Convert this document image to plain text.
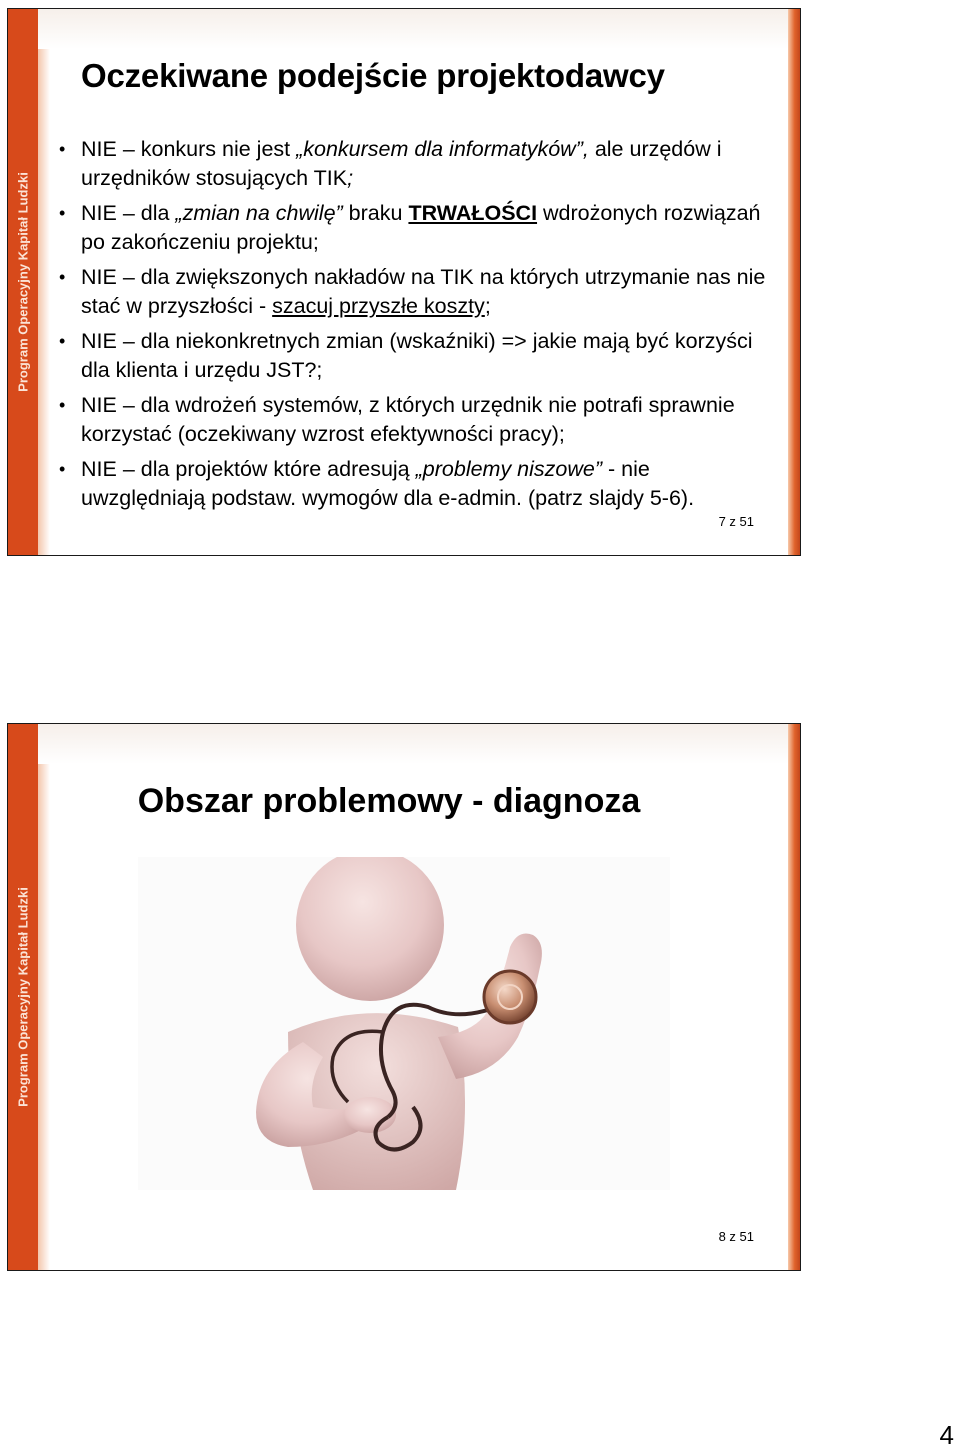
Program Operacyjny Kapitał Ludzki
Oczekiwane podejście projektodawcy
• NIE – konkurs nie jest „konkursem dla informatyków”, ale urzędów i urzędników stosujących TIK;
• NIE – dla „zmian na chwilę” braku TRWAŁOŚCI wdrożonych rozwiązań po zakończeniu projektu;
• NIE – dla zwiększonych nakładów na TIK na których utrzymanie nas nie stać w przyszłości - szacuj przyszłe koszty;
• NIE – dla niekonkretnych zmian (wskaźniki) => jakie mają być korzyści dla klienta i urzędu JST?;
• NIE – dla wdrożeń systemów, z których urzędnik nie potrafi sprawnie korzystać (oczekiwany wzrost efektywności pracy);
• NIE – dla projektów które adresują „problemy niszowe” - nie uwzględniają podstaw. wymogów dla e-admin. (patrz slajdy 5-6).
7 z 51
Program Operacyjny Kapitał Ludzki
Obszar problemowy - diagnoza
8 z 51
4
